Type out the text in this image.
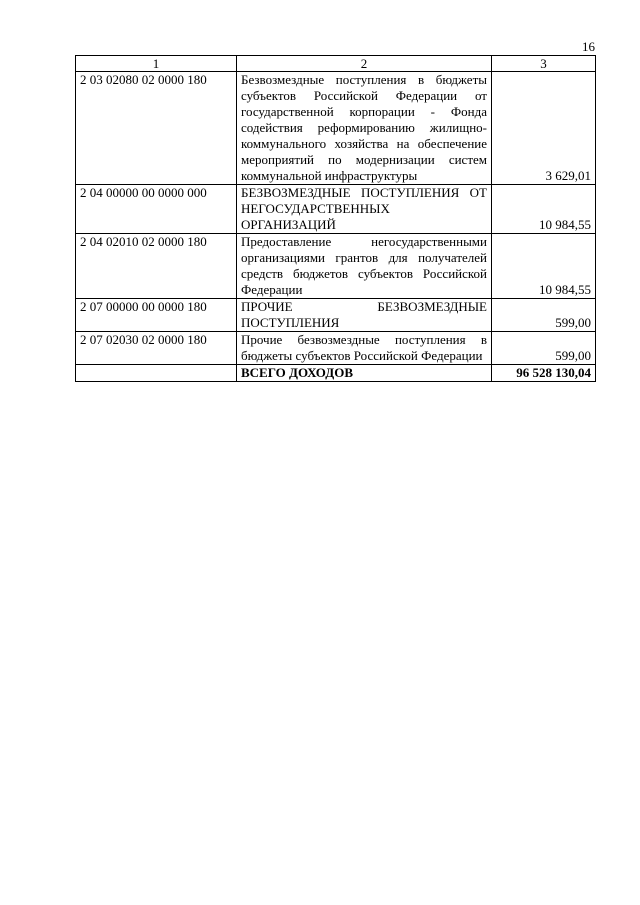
16
1	2	3
2 03 02080 02 0000 180	Безвозмездные поступления в бюджеты субъектов Российской Федерации от государственной корпорации - Фонда содействия реформированию жилищно-коммунального хозяйства на обеспечение мероприятий по модернизации систем коммунальной инфраструктуры	3 629,01
2 04 00000 00 0000 000	БЕЗВОЗМЕЗДНЫЕ ПОСТУПЛЕНИЯ ОТ НЕГОСУДАРСТВЕННЫХ ОРГАНИЗАЦИЙ	10 984,55
2 04 02010 02 0000 180	Предоставление негосударственными организациями грантов для получателей средств бюджетов субъектов Российской Федерации	10 984,55
2 07 00000 00 0000 180	ПРОЧИЕ БЕЗВОЗМЕЗДНЫЕ ПОСТУПЛЕНИЯ	599,00
2 07 02030 02 0000 180	Прочие безвозмездные поступления в бюджеты субъектов Российской Федерации	599,00
	ВСЕГО ДОХОДОВ	96 528 130,04
